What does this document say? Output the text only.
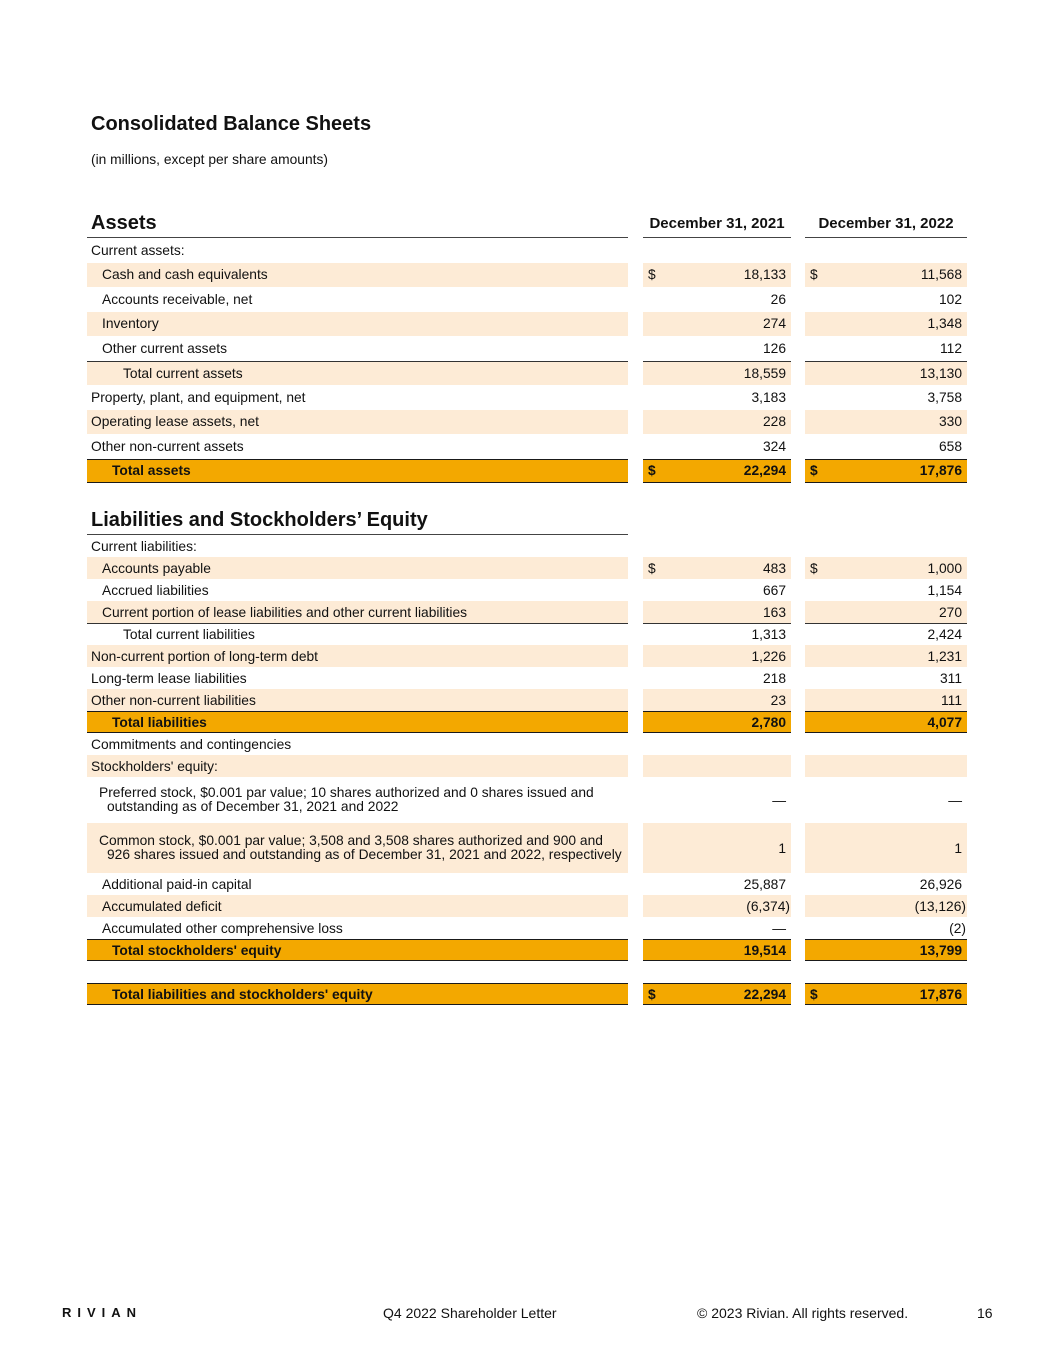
Consolidated Balance Sheets
(in millions, except per share amounts)
Assets	December 31, 2021	December 31, 2022
Current assets:
Cash and cash equivalents	$	18,133 $	11,568
Accounts receivable, net	26	102
Inventory	274	1,348
Other current assets	126	112
Total current assets	18,559	13,130
Property, plant, and equipment, net	3,183	3,758
Operating lease assets, net	228	330
Other non-current assets	324	658
Total assets	$	22,294 $	17,876
Liabilities and Stockholders’ Equity
Current liabilities:
Accounts payable	$	483 $	1,000
Accrued liabilities	667	1,154
Current portion of lease liabilities and other current liabilities	163	270
Total current liabilities	1,313	2,424
Non-current portion of long-term debt	1,226	1,231
Long-term lease liabilities	218	311
Other non-current liabilities	23	111
Total liabilities	2,780	4,077
Commitments and contingencies
Stockholders' equity:
Preferred stock, $0.001 par value; 10 shares authorized and 0 shares issued and
outstanding as of December 31, 2021 and 2022	—	—
Common stock, $0.001 par value; 3,508 and 3,508 shares authorized and 900 and
926 shares issued and outstanding as of December 31, 2021 and 2022, respectively	1	1
Additional paid-in capital	25,887	26,926
Accumulated deficit	(6,374)	(13,126)
Accumulated other comprehensive loss	—	(2)
Total stockholders' equity	19,514	13,799
Total liabilities and stockholders' equity	$	22,294 $	17,876
RIVIAN	Q4 2022 Shareholder Letter	© 2023 Rivian. All rights reserved.	16
